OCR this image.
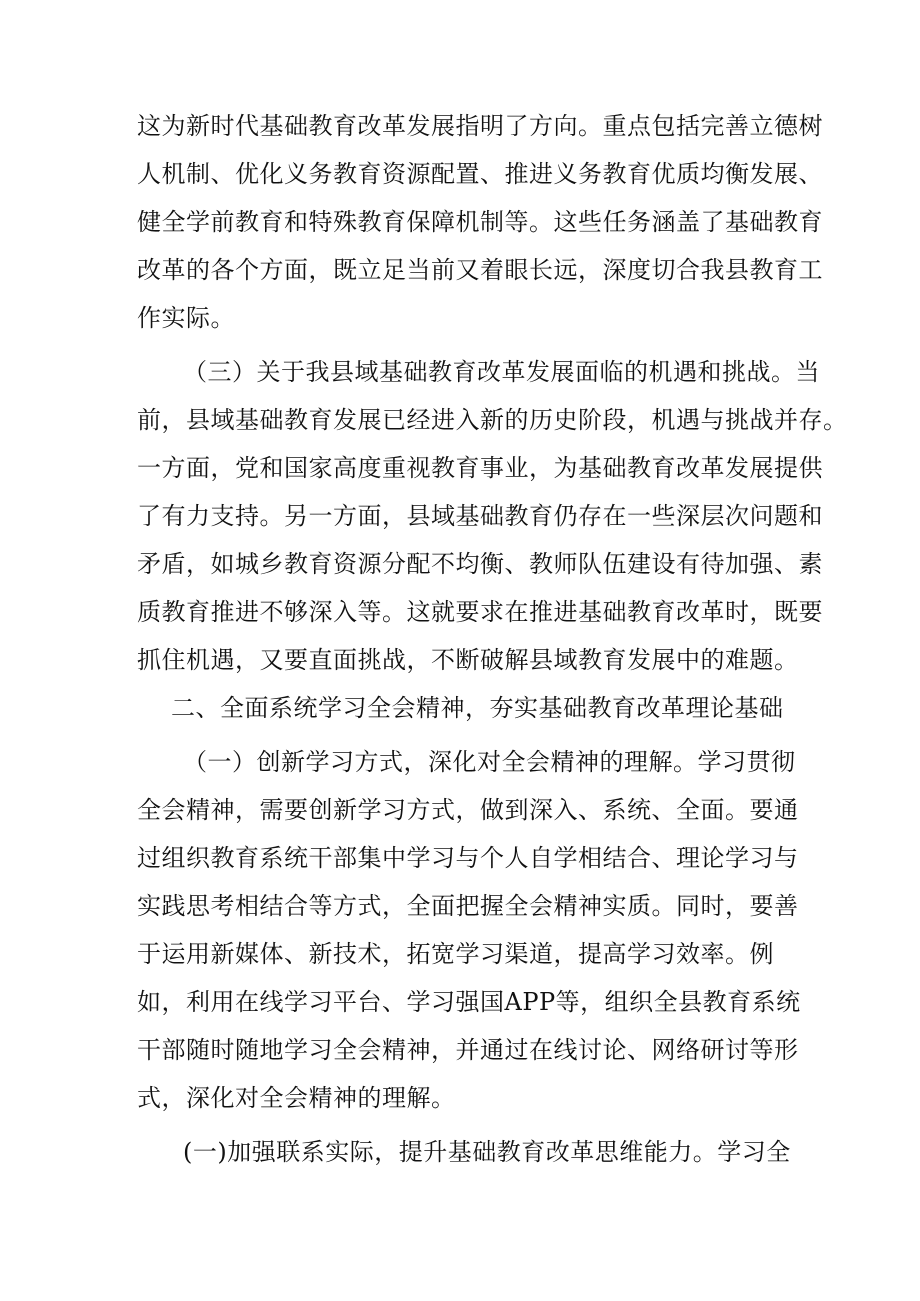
这为新时代基础教育改革发展指明了方向。重点包括完善立德树
人机制、优化义务教育资源配置、推进义务教育优质均衡发展、
健全学前教育和特殊教育保障机制等。这些任务涵盖了基础教育
改革的各个方面，既立足当前又着眼长远，深度切合我县教育工
作实际。
（三）关于我县域基础教育改革发展面临的机遇和挑战。当
前，县域基础教育发展已经进入新的历史阶段，机遇与挑战并存。
一方面，党和国家高度重视教育事业，为基础教育改革发展提供
了有力支持。另一方面，县域基础教育仍存在一些深层次问题和
矛盾，如城乡教育资源分配不均衡、教师队伍建设有待加强、素
质教育推进不够深入等。这就要求在推进基础教育改革时，既要
抓住机遇，又要直面挑战，不断破解县域教育发展中的难题。
二、全面系统学习全会精神，夯实基础教育改革理论基础
（一）创新学习方式，深化对全会精神的理解。学习贯彻
全会精神，需要创新学习方式，做到深入、系统、全面。要通
过组织教育系统干部集中学习与个人自学相结合、理论学习与
实践思考相结合等方式，全面把握全会精神实质。同时，要善
于运用新媒体、新技术，拓宽学习渠道，提高学习效率。例
如，利用在线学习平台、学习强国APP等，组织全县教育系统
干部随时随地学习全会精神，并通过在线讨论、网络研讨等形
式，深化对全会精神的理解。
(一)加强联系实际，提升基础教育改革思维能力。学习全
